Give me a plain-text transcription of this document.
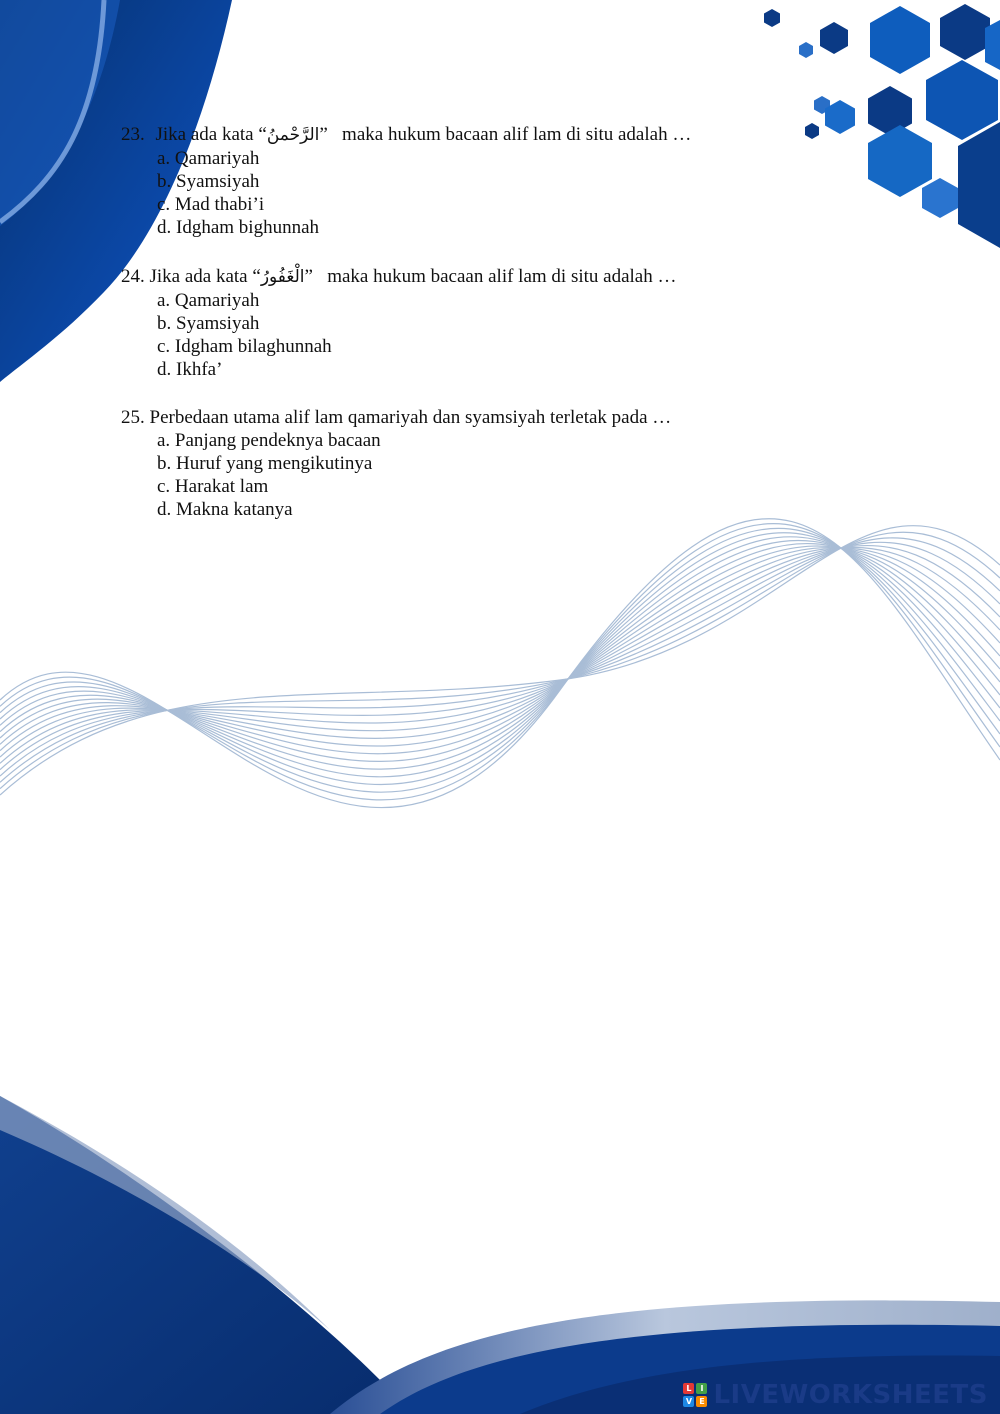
23. Jika ada kata “الرَّحْمنُ”   maka hukum bacaan alif lam di situ adalah …
a. Qamariyah
b. Syamsiyah
c. Mad thabi’i
d. Idgham bighunnah
24. Jika ada kata “الْغَفُورُ”   maka hukum bacaan alif lam di situ adalah …
a. Qamariyah
b. Syamsiyah
c. Idgham bilaghunnah
d. Ikhfa’
25. Perbedaan utama alif lam qamariyah dan syamsiyah terletak pada …
a. Panjang pendeknya bacaan
b. Huruf yang mengikutinya
c. Harakat lam
d. Makna katanya
L	I
V E LIVEWORKSHEETS
